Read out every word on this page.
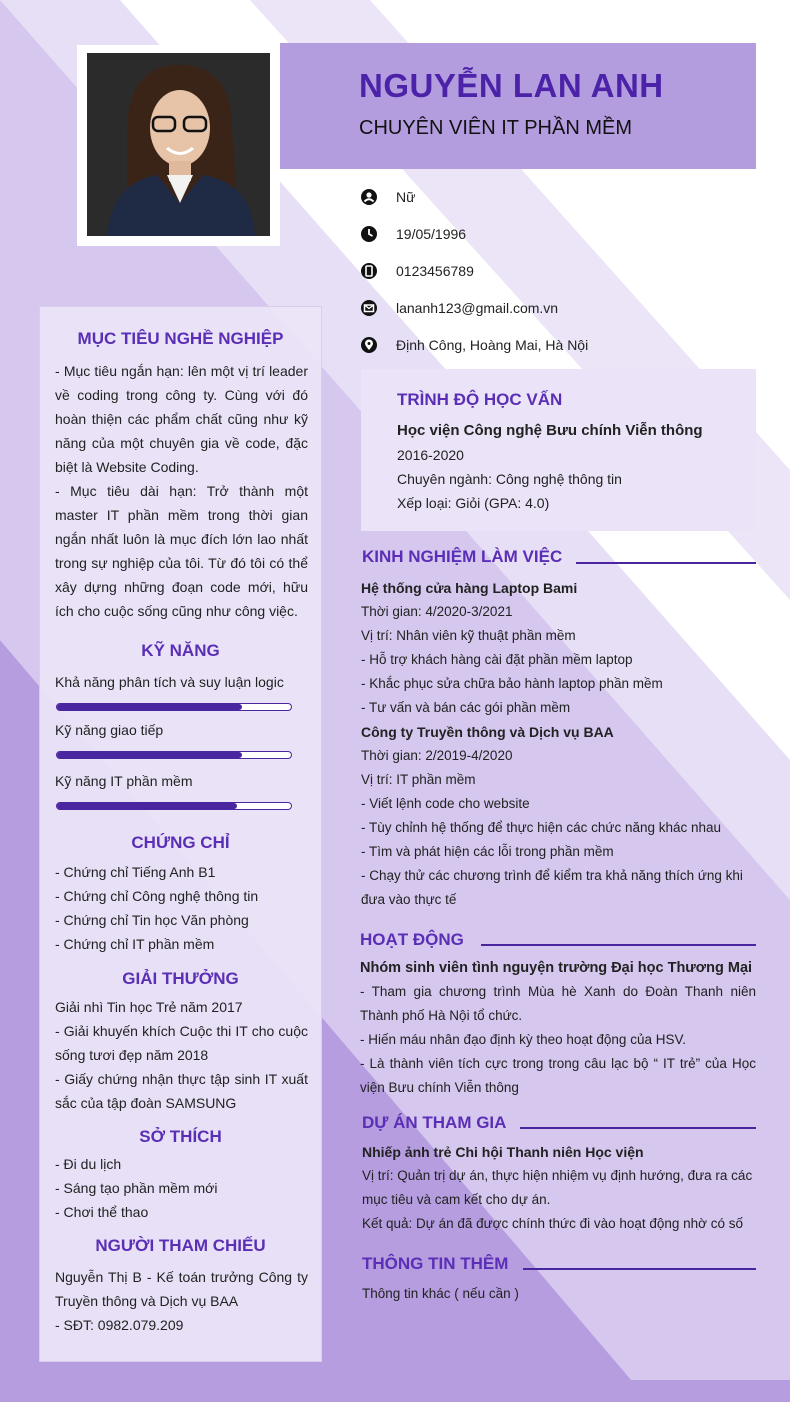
NGUYỄN LAN ANH
CHUYÊN VIÊN IT PHẦN MỀM
Nữ
19/05/1996
0123456789
lananh123@gmail.com.vn
Định Công, Hoàng Mai, Hà Nội
MỤC TIÊU NGHỀ NGHIỆP
- Mục tiêu ngắn hạn: lên một vị trí leader về coding trong công ty. Cùng với đó hoàn thiện các phẩm chất cũng như kỹ năng của một chuyên gia về code, đặc biệt là Website Coding.
- Mục tiêu dài hạn: Trở thành một master IT phần mềm trong thời gian ngắn nhất luôn là mục đích lớn lao nhất trong sự nghiệp của tôi. Từ đó tôi có thể xây dựng những đoạn code mới, hữu ích cho cuộc sống cũng như công việc.
KỸ NĂNG
Khả năng phân tích và suy luận logic
Kỹ năng giao tiếp
Kỹ năng IT phần mềm
CHỨNG CHỈ
- Chứng chỉ Tiếng Anh B1
- Chứng chỉ Công nghệ thông tin
- Chứng chỉ Tin học Văn phòng
- Chứng chỉ IT phần mềm
GIẢI THƯỞNG
Giải nhì Tin học Trẻ năm 2017
- Giải khuyến khích Cuộc thi IT cho cuộc sống tươi đẹp năm 2018
- Giấy chứng nhận thực tập sinh IT xuất sắc của tập đoàn SAMSUNG
SỞ THÍCH
- Đi du lịch
- Sáng tạo phần mềm mới
- Chơi thể thao
NGƯỜI THAM CHIẾU
Nguyễn Thị B - Kế toán trưởng Công ty Truyền thông và Dịch vụ BAA
- SĐT: 0982.079.209
TRÌNH ĐỘ HỌC VẤN
Học viện Công nghệ Bưu chính Viễn thông
2016-2020
Chuyên ngành: Công nghệ thông tin
Xếp loại: Giỏi (GPA: 4.0)
KINH NGHIỆM LÀM VIỆC
Hệ thống cửa hàng Laptop Bami
Thời gian: 4/2020-3/2021
Vị trí: Nhân viên kỹ thuật phần mềm
- Hỗ trợ khách hàng cài đặt phần mềm laptop
- Khắc phục sửa chữa bảo hành laptop phần mềm
- Tư vấn và bán các gói phần mềm
Công ty Truyền thông và Dịch vụ BAA
Thời gian: 2/2019-4/2020
Vị trí: IT phần mềm
- Viết lệnh code cho website
- Tùy chỉnh hệ thống để thực hiện các chức năng khác nhau
- Tìm và phát hiện các lỗi trong phần mềm
- Chạy thử các chương trình để kiểm tra khả năng thích ứng khi đưa vào thực tế
HOẠT ĐỘNG
Nhóm sinh viên tình nguyện trường Đại học Thương Mại
- Tham gia chương trình Mùa hè Xanh do Đoàn Thanh niên Thành phố Hà Nội tổ chức.
- Hiến máu nhân đạo định kỳ theo hoạt động của HSV.
- Là thành viên tích cực trong trong câu lạc bộ “ IT trẻ” của Học viện Bưu chính Viễn thông
DỰ ÁN THAM GIA
Nhiếp ảnh trẻ Chi hội Thanh niên Học viện
Vị trí: Quản trị dự án, thực hiện nhiệm vụ định hướng, đưa ra các mục tiêu và cam kết cho dự án.
Kết quả: Dự án đã được chính thức đi vào hoạt động nhờ có số
THÔNG TIN THÊM
Thông tin khác ( nếu cần )
